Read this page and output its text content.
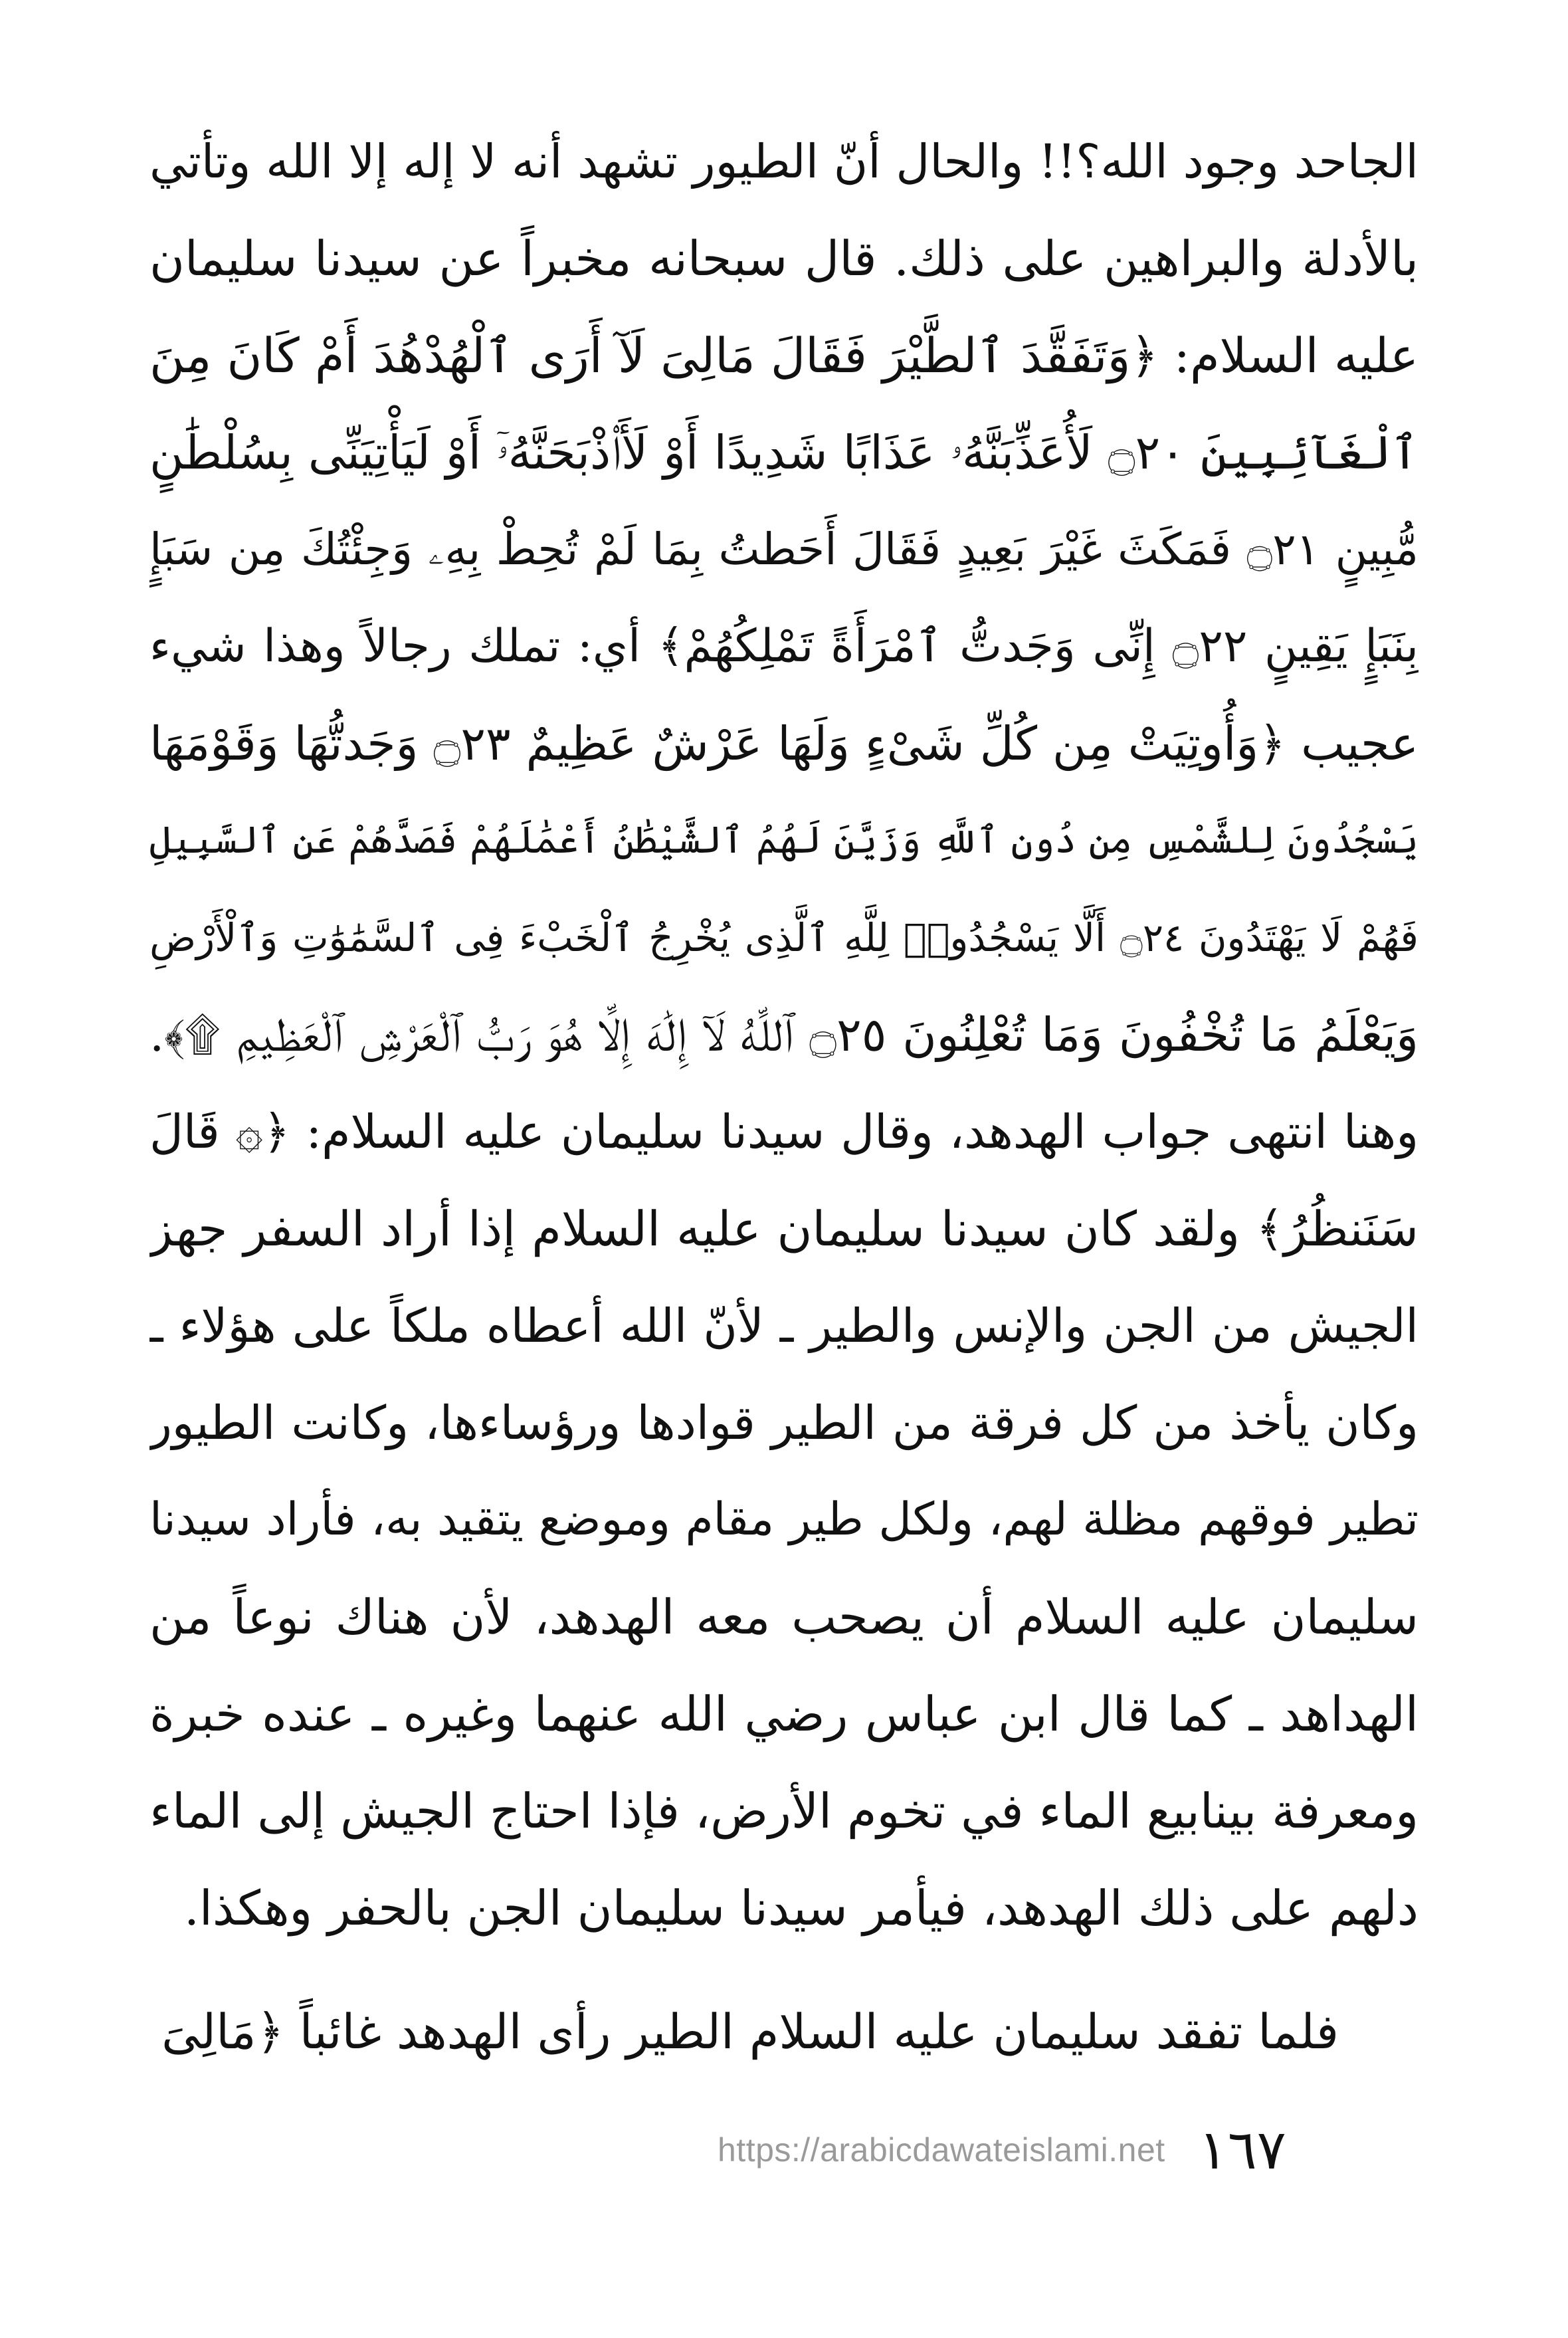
الجاحد وجود الله؟!! والحال أنّ الطيور تشهد أنه لا إله إلا الله وتأتي
بالأدلة والبراهين على ذلك. قال سبحانه مخبراً عن سيدنا سليمان
عليه السلام: ﴿وَتَفَقَّدَ ٱلطَّيْرَ فَقَالَ مَالِىَ لَآ أَرَى ٱلْهُدْهُدَ أَمْ كَانَ مِنَ
ٱلْغَآئِبِينَ ۝٢٠ لَأُعَذِّبَنَّهُۥ عَذَابًا شَدِيدًا أَوْ لَأَا۟ذْبَحَنَّهُۥٓ أَوْ لَيَأْتِيَنِّى بِسُلْطَٰنٍ
مُّبِينٍ ۝٢١ فَمَكَثَ غَيْرَ بَعِيدٍ فَقَالَ أَحَطتُ بِمَا لَمْ تُحِطْ بِهِۦ وَجِئْتُكَ مِن سَبَإٍ
بِنَبَإٍ يَقِينٍ ۝٢٢ إِنِّى وَجَدتُّ ٱمْرَأَةً تَمْلِكُهُمْ﴾ أي: تملك رجالاً وهذا شيء
عجيب ﴿وَأُوتِيَتْ مِن كُلِّ شَىْءٍ وَلَهَا عَرْشٌ عَظِيمٌ ۝٢٣ وَجَدتُّهَا وَقَوْمَهَا
يَسْجُدُونَ لِلشَّمْسِ مِن دُونِ ٱللَّهِ وَزَيَّنَ لَهُمُ ٱلشَّيْطَٰنُ أَعْمَٰلَهُمْ فَصَدَّهُمْ عَنِ ٱلسَّبِيلِ
فَهُمْ لَا يَهْتَدُونَ ۝٢٤ أَلَّا يَسْجُدُوا۟ لِلَّهِ ٱلَّذِى يُخْرِجُ ٱلْخَبْءَ فِى ٱلسَّمَٰوَٰتِ وَٱلْأَرْضِ
وَيَعْلَمُ مَا تُخْفُونَ وَمَا تُعْلِنُونَ ۝٢٥ ٱللَّهُ لَآ إِلَٰهَ إِلَّا هُوَ رَبُّ ٱلْعَرْشِ ٱلْعَظِيمِ ۩﴾.
وهنا انتهى جواب الهدهد، وقال سيدنا سليمان عليه السلام: ﴿۞ قَالَ
سَنَنظُرُ﴾ ولقد كان سيدنا سليمان عليه السلام إذا أراد السفر جهز
الجيش من الجن والإنس والطير ـ لأنّ الله أعطاه ملكاً على هؤلاء ـ
وكان يأخذ من كل فرقة من الطير قوادها ورؤساءها، وكانت الطيور
تطير فوقهم مظلة لهم، ولكل طير مقام وموضع يتقيد به، فأراد سيدنا
سليمان عليه السلام أن يصحب معه الهدهد، لأن هناك نوعاً من
الهداهد ـ كما قال ابن عباس رضي الله عنهما وغيره ـ عنده خبرة
ومعرفة بينابيع الماء في تخوم الأرض، فإذا احتاج الجيش إلى الماء
دلهم على ذلك الهدهد، فيأمر سيدنا سليمان الجن بالحفر وهكذا.
فلما تفقد سليمان عليه السلام الطير رأى الهدهد غائباً ﴿مَالِىَ
https://arabicdawateislami.net ١٦٧
